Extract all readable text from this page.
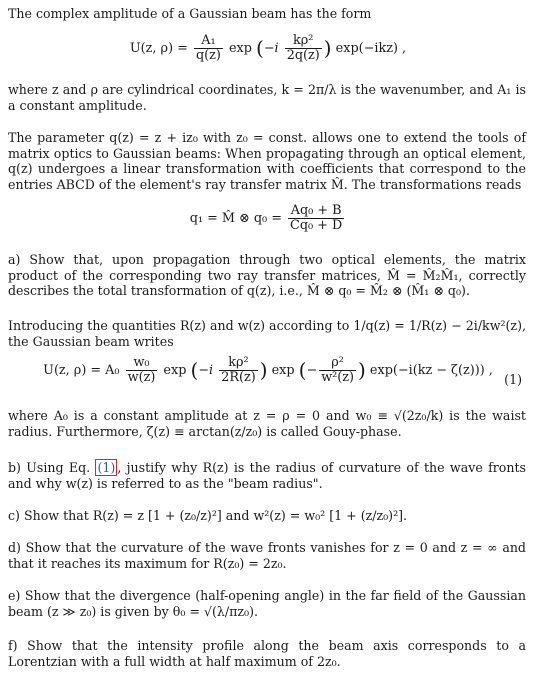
The complex amplitude of a Gaussian beam has the form
U(z, $\rho) = \frac{\text{A₁}}{q(z)}$ $\exp (-i \frac{\text{kρ²}}{2q(z)}$ ) exp(−ikz) ,
where z and ρ are cylindrical coordinates, k = 2π/λ is the wavenumber, and A₁ is a constant amplitude.
The parameter q(z) = z + iz₀ with z₀ = const. allows one to extend the tools of matrix optics to Gaussian beams: When propagating through an optical element, q(z) undergoes a linear transformation with coefficients that correspond to the entries ABCD of the element's ray transfer matrix M̂. The transformations reads
q₁ = M̂ ⊗ $q_0 = \frac{\text{Aq₀ + B}}{\text{Cq₀ + D}}$
a) Show that, upon propagation through two optical elements, the matrix product of the corresponding two ray transfer matrices, M̂ = M̂₂M̂₁, correctly describes the total transformation of q(z), i.e., M̂ ⊗ q₀ = M̂₂ ⊗ (M̂₁ ⊗ q₀).
Introducing the quantities R(z) and w(z) according to 1/q(z) = 1/R(z) − 2i/kw²(z), the Gaussian beam writes
U(z, $\rho) = A_0 \frac{\text{w₀}}{w(z)}$ $\exp (-i \frac{\text{kρ²}}{2R(z)}$ ) exp (− $\frac{\text{ρ²}}{\text{w²(z)}}$ ) exp(−i(kz − ζ(z))) ,
(1)
where A₀ is a constant amplitude at z = ρ = 0 and w₀ ≡ √(2z₀/k) is the waist radius. Furthermore, ζ(z) ≡ arctan(z/z₀) is called Gouy-phase.
b) Using Eq. (1) , justify why R(z) is the radius of curvature of the wave fronts and why w(z) is referred to as the "beam radius".
c) Show that R(z) = z [1 + (z₀/z)²] and w²(z) = w₀² [1 + (z/z₀)²].
d) Show that the curvature of the wave fronts vanishes for z = 0 and z = ∞ and that it reaches its maximum for R(z₀) = 2z₀.
e) Show that the divergence (half-opening angle) in the far field of the Gaussian beam (z ≫ z₀) is given by θ₀ = √(λ/πz₀).
f) Show that the intensity profile along the beam axis corresponds to a Lorentzian with a full width at half maximum of 2z₀.
